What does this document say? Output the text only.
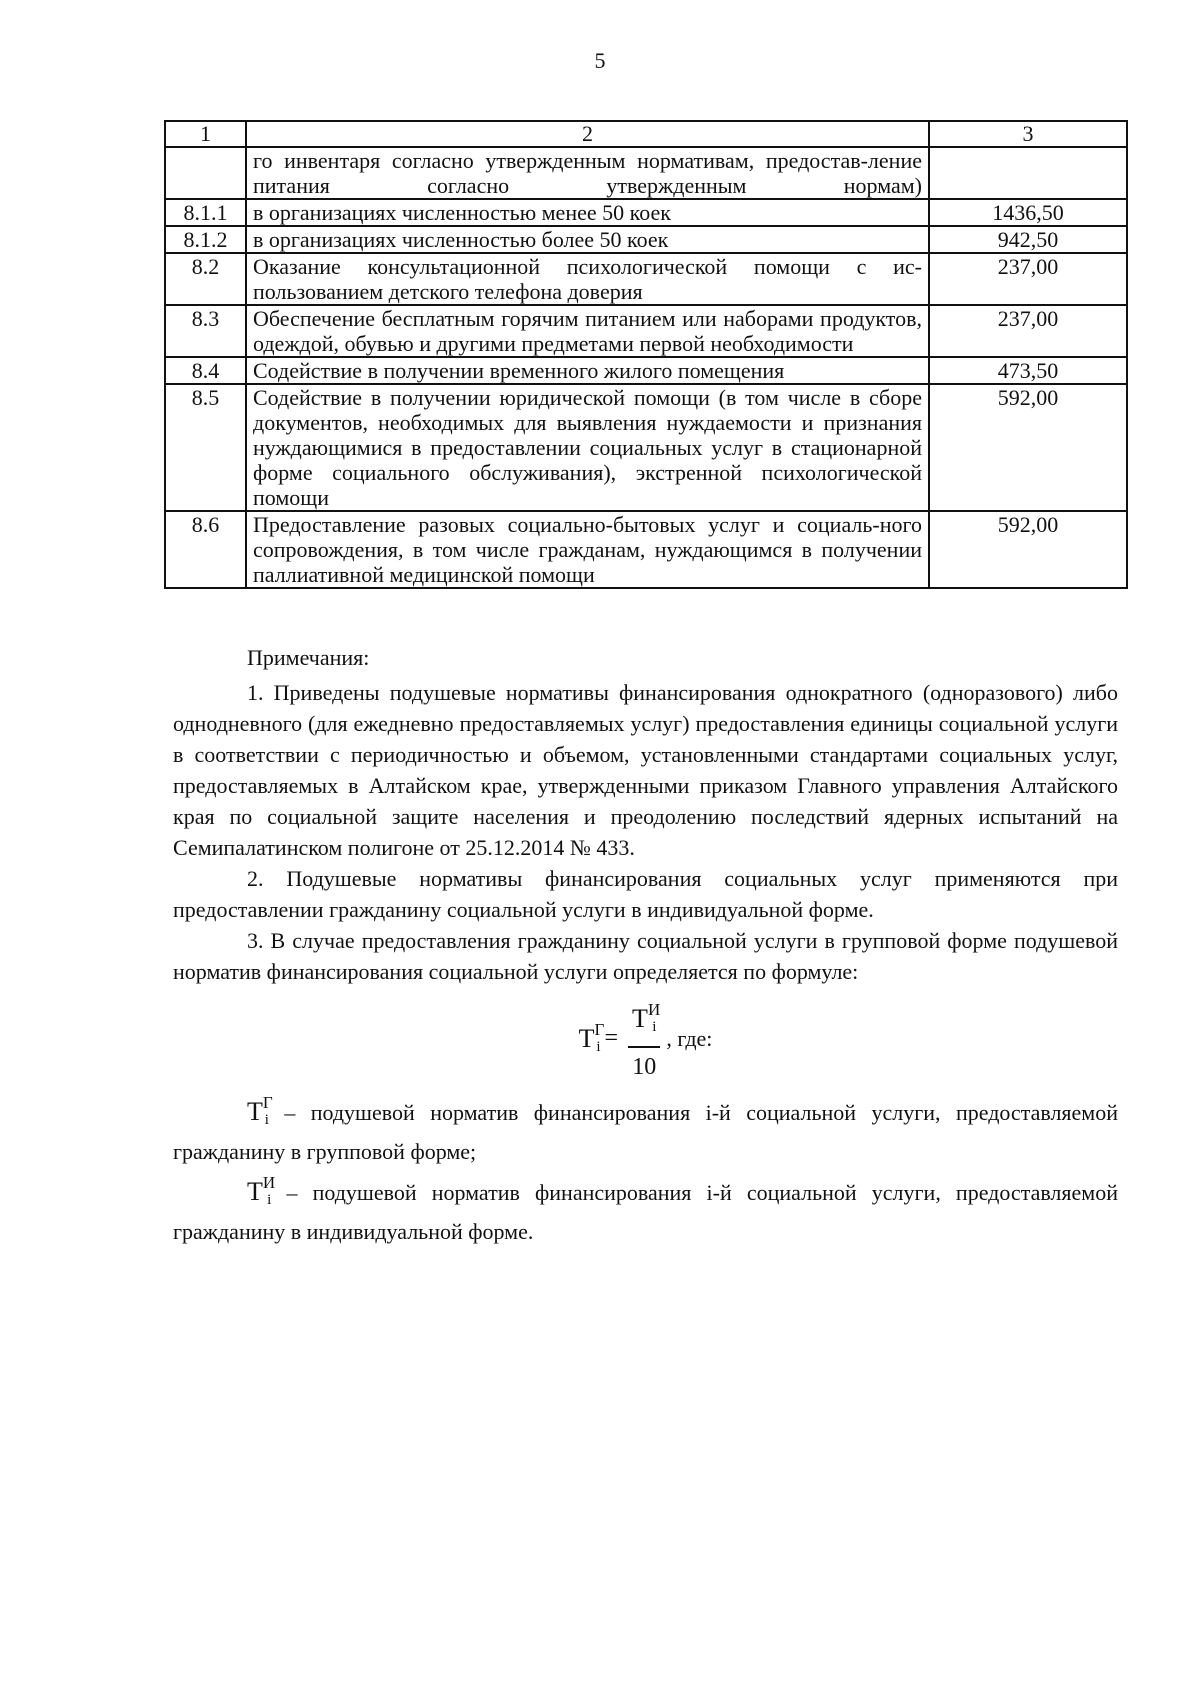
5
1	2	3
	го инвентаря согласно утвержденным нормативам, предостав-ление питания согласно утвержденным нормам)	
8.1.1	в организациях численностью менее 50 коек	1436,50
8.1.2	в организациях численностью более 50 коек	942,50
8.2	Оказание консультационной психологической помощи с ис-пользованием детского телефона доверия	237,00
8.3	Обеспечение бесплатным горячим питанием или наборами продуктов, одеждой, обувью и другими предметами первой необходимости	237,00
8.4	Содействие в получении временного жилого помещения	473,50
8.5	Содействие в получении юридической помощи (в том числе в сборе документов, необходимых для выявления нуждаемости и признания нуждающимися в предоставлении социальных услуг в стационарной форме социального обслуживания), экстренной психологической помощи	592,00
8.6	Предоставление разовых социально-бытовых услуг и социаль-ного сопровождения, в том числе гражданам, нуждающимся в получении паллиативной медицинской помощи	592,00

Примечания:

1. Приведены подушевые нормативы финансирования однократного (одноразового) либо однодневного (для ежедневно предоставляемых услуг) предоставления единицы социальной услуги в соответствии с периодичностью и объемом, установленными стандартами социальных услуг, предоставляемых в Алтайском крае, утвержденными приказом Главного управления Алтайского края по социальной защите населения и преодолению последствий ядерных испытаний на Семипалатинском полигоне от 25.12.2014 № 433.

2. Подушевые нормативы финансирования социальных услуг применяются при предоставлении гражданину социальной услуги в индивидуальной форме.

3. В случае предоставления гражданину социальной услуги в групповой форме подушевой норматив финансирования социальной услуги определяется по формуле:

$T^Г_i = \frac{T^И_i}{10}$ , где:

$T^Г_i$ – подушевой норматив финансирования i-й социальной услуги, предоставляемой гражданину в групповой форме;

$T^И_i$ – подушевой норматив финансирования i-й социальной услуги, предоставляемой гражданину в индивидуальной форме.
